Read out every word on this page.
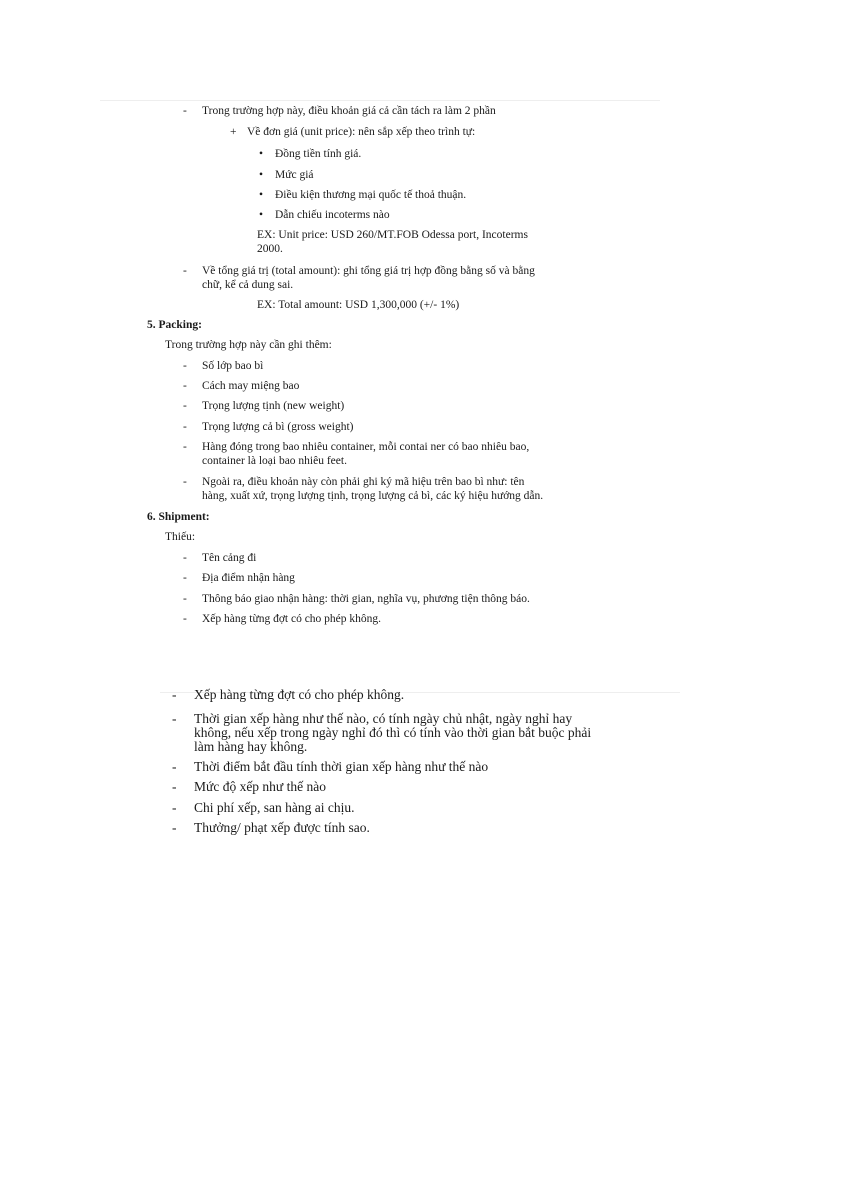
- Trong trường hợp này, điều khoản giá cả cần tách ra làm 2 phần
+ Về đơn giá (unit price): nên sắp xếp theo trình tự:
• Đồng tiền tính giá.
• Mức giá
• Điều kiện thương mại quốc tế thoả thuận.
• Dẫn chiếu incoterms nào
EX: Unit price: USD 260/MT.FOB Odessa port, Incoterms
2000.
- Về tổng giá trị (total amount): ghi tổng giá trị hợp đồng bằng số và bằng
chữ, kể cả dung sai.
EX: Total amount: USD 1,300,000 (+/- 1%)
5. Packing:
Trong trường hợp này cần ghi thêm:
- Số lớp bao bì
- Cách may miệng bao
- Trọng lượng tịnh (new weight)
- Trọng lượng cả bì (gross weight)
- Hàng đóng trong bao nhiêu container, mỗi contai ner có bao nhiêu bao,
container là loại bao nhiêu feet.
- Ngoài ra, điều khoản này còn phải ghi ký mã hiệu trên bao bì như: tên
hàng, xuất xứ, trọng lượng tịnh, trọng lượng cả bì, các ký hiệu hướng dẫn.
6. Shipment:
Thiếu:
- Tên cảng đi
- Địa điểm nhận hàng
- Thông báo giao nhận hàng: thời gian, nghĩa vụ, phương tiện thông báo.
- Xếp hàng từng đợt có cho phép không.
- Xếp hàng từng đợt có cho phép không.
- Thời gian xếp hàng như thế nào, có tính ngày chủ nhật, ngày nghỉ hay
không, nếu xếp trong ngày nghỉ đó thì có tính vào thời gian bắt buộc phải
làm hàng hay không.
- Thời điểm bắt đầu tính thời gian xếp hàng như thế nào
- Mức độ xếp như thế nào
- Chi phí xếp, san hàng ai chịu.
- Thưởng/ phạt xếp được tính sao.
